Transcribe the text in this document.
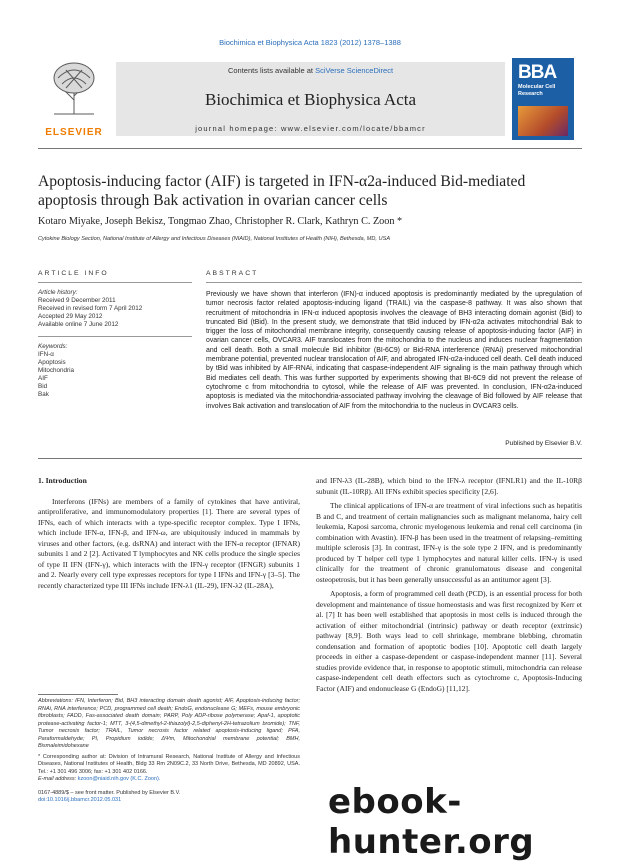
Biochimica et Biophysica Acta 1823 (2012) 1378–1388
ELSEVIER
Contents lists available at SciVerse ScienceDirect
Biochimica et Biophysica Acta
journal homepage: www.elsevier.com/locate/bbamcr
BBA
Molecular Cell
Research
Apoptosis-inducing factor (AIF) is targeted in IFN-α2a-induced Bid-mediated apoptosis through Bak activation in ovarian cancer cells
Kotaro Miyake, Joseph Bekisz, Tongmao Zhao, Christopher R. Clark, Kathryn C. Zoon *
Cytokine Biology Section, National Institute of Allergy and Infectious Diseases (NIAID), National Institutes of Health (NIH), Bethesda, MD, USA
ARTICLE INFO	ABSTRACT
Article history:
Received 9 December 2011
Received in revised form 7 April 2012
Accepted 29 May 2012
Available online 7 June 2012
Keywords:
IFN-α
Apoptosis
Mitochondria
AIF
Bid
Bak
Previously we have shown that interferon (IFN)-α induced apoptosis is predominantly mediated by the upregulation of tumor necrosis factor related apoptosis-inducing ligand (TRAIL) via the caspase-8 pathway. It was also shown that recruitment of mitochondria in IFN-α induced apoptosis involves the cleavage of BH3 interacting domain agonist (Bid) to truncated Bid (tBid). In the present study, we demonstrate that tBid induced by IFN-α2a activates mitochondrial Bak to trigger the loss of mitochondrial membrane integrity, consequently causing release of apoptosis-inducing factor (AIF) in ovarian cancer cells, OVCAR3. AIF translocates from the mitochondria to the nucleus and induces nuclear fragmentation and cell death. Both a small molecule Bid inhibitor (BI-6C9) or Bid-RNA interference (RNAi) preserved mitochondrial membrane potential, prevented nuclear translocation of AIF, and abrogated IFN-α2a-induced cell death. Cell death induced by tBid was inhibited by AIF-RNAi, indicating that caspase-independent AIF signaling is the main pathway through which Bid mediates cell death. This was further supported by experiments showing that BI-6C9 did not prevent the release of cytochrome c from mitochondria to cytosol, while the release of AIF was prevented. In conclusion, IFN-α2a-induced apoptosis is mediated via the mitochondria-associated pathway involving the cleavage of Bid followed by AIF release that involves Bak activation and translocation of AIF from the mitochondria to the nucleus in OVCAR3 cells.
Published by Elsevier B.V.
1. Introduction

Interferons (IFNs) are members of a family of cytokines that have antiviral, antiproliferative, and immunomodulatory properties [1]. There are several types of IFNs, each of which interacts with a type-specific receptor complex. Type I IFNs, which include IFN-α, IFN-β, and IFN-ω, are ubiquitously induced in mammals by viruses and other factors, (e.g. dsRNA) and interact with the IFN-α receptor (IFNAR) subunits 1 and 2 [2]. Activated T lymphocytes and NK cells produce the single species of type II IFN (IFN-γ), which interacts with the IFN-γ receptor (IFNGR) subunits 1 and 2. Nearly every cell type expresses receptors for type I IFNs and IFN-γ [3–5]. The recently characterized type III IFNs include IFN-λ1 (IL-29), IFN-λ2 (IL-28A),

and IFN-λ3 (IL-28B), which bind to the IFN-λ receptor (IFNLR1) and the IL-10Rβ subunit (IL-10Rβ). All IFNs exhibit species specificity [2,6].

The clinical applications of IFN-α are treatment of viral infections such as hepatitis B and C, and treatment of certain malignancies such as malignant melanoma, hairy cell leukemia, Kaposi sarcoma, chronic myelogenous leukemia and renal cell carcinoma (in combination with Avastin). IFN-β has been used in the treatment of relapsing–remitting multiple sclerosis [3]. In contrast, IFN-γ is the sole type 2 IFN, and is predominantly produced by T helper cell type 1 lymphocytes and natural killer cells. IFN-γ is used clinically for the treatment of chronic granulomatous disease and congenital osteopetrosis, but it has been generally unsuccessful as an antitumor agent [3].

Apoptosis, a form of programmed cell death (PCD), is an essential process for both development and maintenance of tissue homeostasis and was first recognized by Kerr et al. [7] It has been well established that apoptosis in most cells is induced through the activation of either mitochondrial (intrinsic) pathway or death receptor (extrinsic) pathway [8,9]. Both ways lead to cell shrinkage, membrane blebbing, chromatin condensation and formation of apoptotic bodies [10]. Apoptotic cell death largely proceeds in either a caspase-dependent or caspase-independent manner [11]. Several studies provide evidence that, in response to apoptotic stimuli, mitochondria can release caspase-independent cell death effectors such as cytochrome c, Apoptosis-Inducing Factor (AIF) and endonuclease G (EndoG) [11,12].

Abbreviations: IFN, Interferon; Bid, BH3 interacting domain death agonist; AIF, Apoptosis-inducing factor; RNAi, RNA interference; PCD, programmed cell death; EndoG, endonuclease G; MEFs, mouse embryonic fibroblasts; FADD, Fas-associated death domain; PARP, Poly ADP-ribose polymerase; Apaf-1, apoptotic protease-activating factor-1; MTT, 3-(4,5-dimethyl-2-thiazolyl)-2,5-diphenyl-2H-tetrazolium bromide); TNF, Tumor necrosis factor; TRAIL, Tumor necrosis factor related apoptosis-inducing ligand; PFA, Paraformaldehyde; PI, Propidium iodide; ΔΨm, Mitochondrial membrane potential; BMH, Bismaleimidohexane
* Corresponding author at: Division of Intramural Research, National Institute of Allergy and Infectious Diseases, National Institutes of Health, Bldg 33 Rm 2N09C.2, 33 North Drive, Bethesda, MD 20892, USA. Tel.: +1 301 496 3006; fax: +1 301 402 0166.
E-mail address: kzoon@niaid.nih.gov (K.C. Zoon).
0167-4889/$ – see front matter. Published by Elsevier B.V.
doi:10.1016/j.bbamcr.2012.05.031	ebook-hunter.org
